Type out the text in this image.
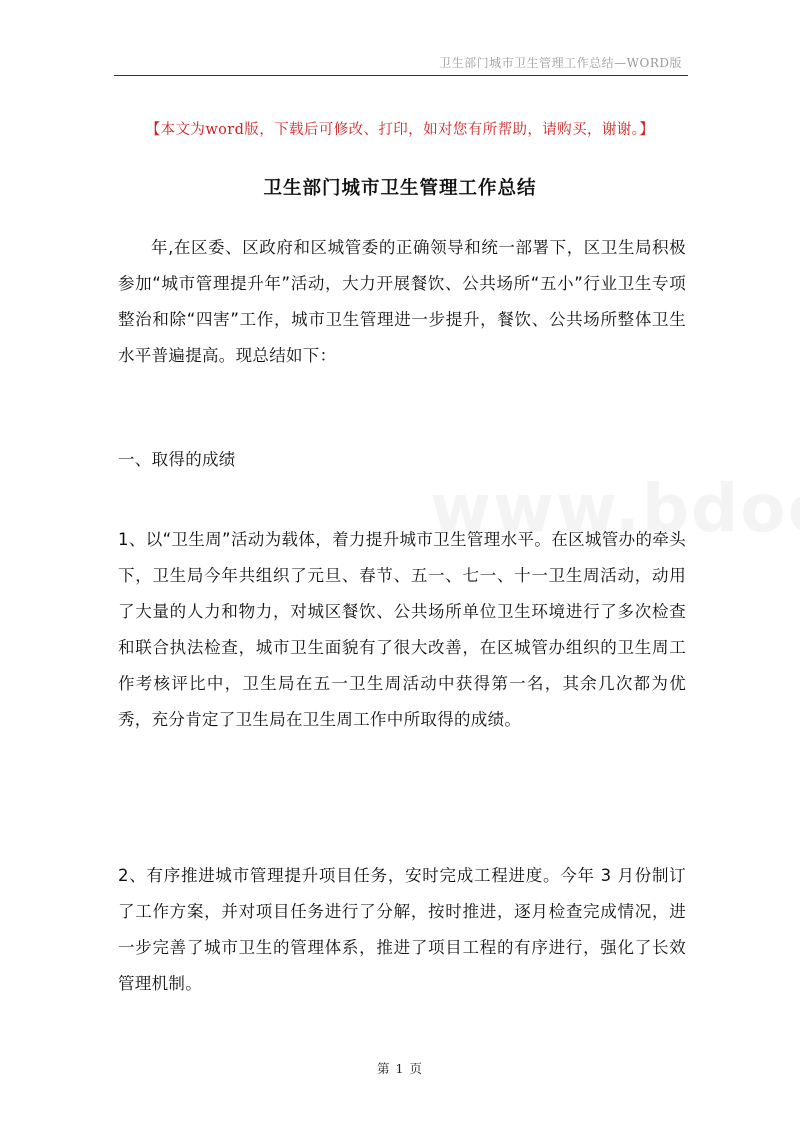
卫生部门城市卫生管理工作总结—WORD版
【本文为word版，下载后可修改、打印，如对您有所帮助，请购买，谢谢。】
卫生部门城市卫生管理工作总结

年,在区委、区政府和区城管委的正确领导和统一部署下，区卫生局积极参加“城市管理提升年”活动，大力开展餐饮、公共场所“五小”行业卫生专项整治和除“四害”工作，城市卫生管理进一步提升，餐饮、公共场所整体卫生水平普遍提高。现总结如下：

一、取得的成绩

1、以“卫生周”活动为载体，着力提升城市卫生管理水平。在区城管办的牵头下，卫生局今年共组织了元旦、春节、五一、七一、十一卫生周活动，动用了大量的人力和物力，对城区餐饮、公共场所单位卫生环境进行了多次检查和联合执法检查，城市卫生面貌有了很大改善，在区城管办组织的卫生周工作考核评比中，卫生局在五一卫生周活动中获得第一名，其余几次都为优秀，充分肯定了卫生局在卫生周工作中所取得的成绩。

2、有序推进城市管理提升项目任务，安时完成工程进度。今年 3 月份制订了工作方案，并对项目任务进行了分解，按时推进，逐月检查完成情况，进一步完善了城市卫生的管理体系，推进了项目工程的有序进行，强化了长效管理机制。

第 1 页
